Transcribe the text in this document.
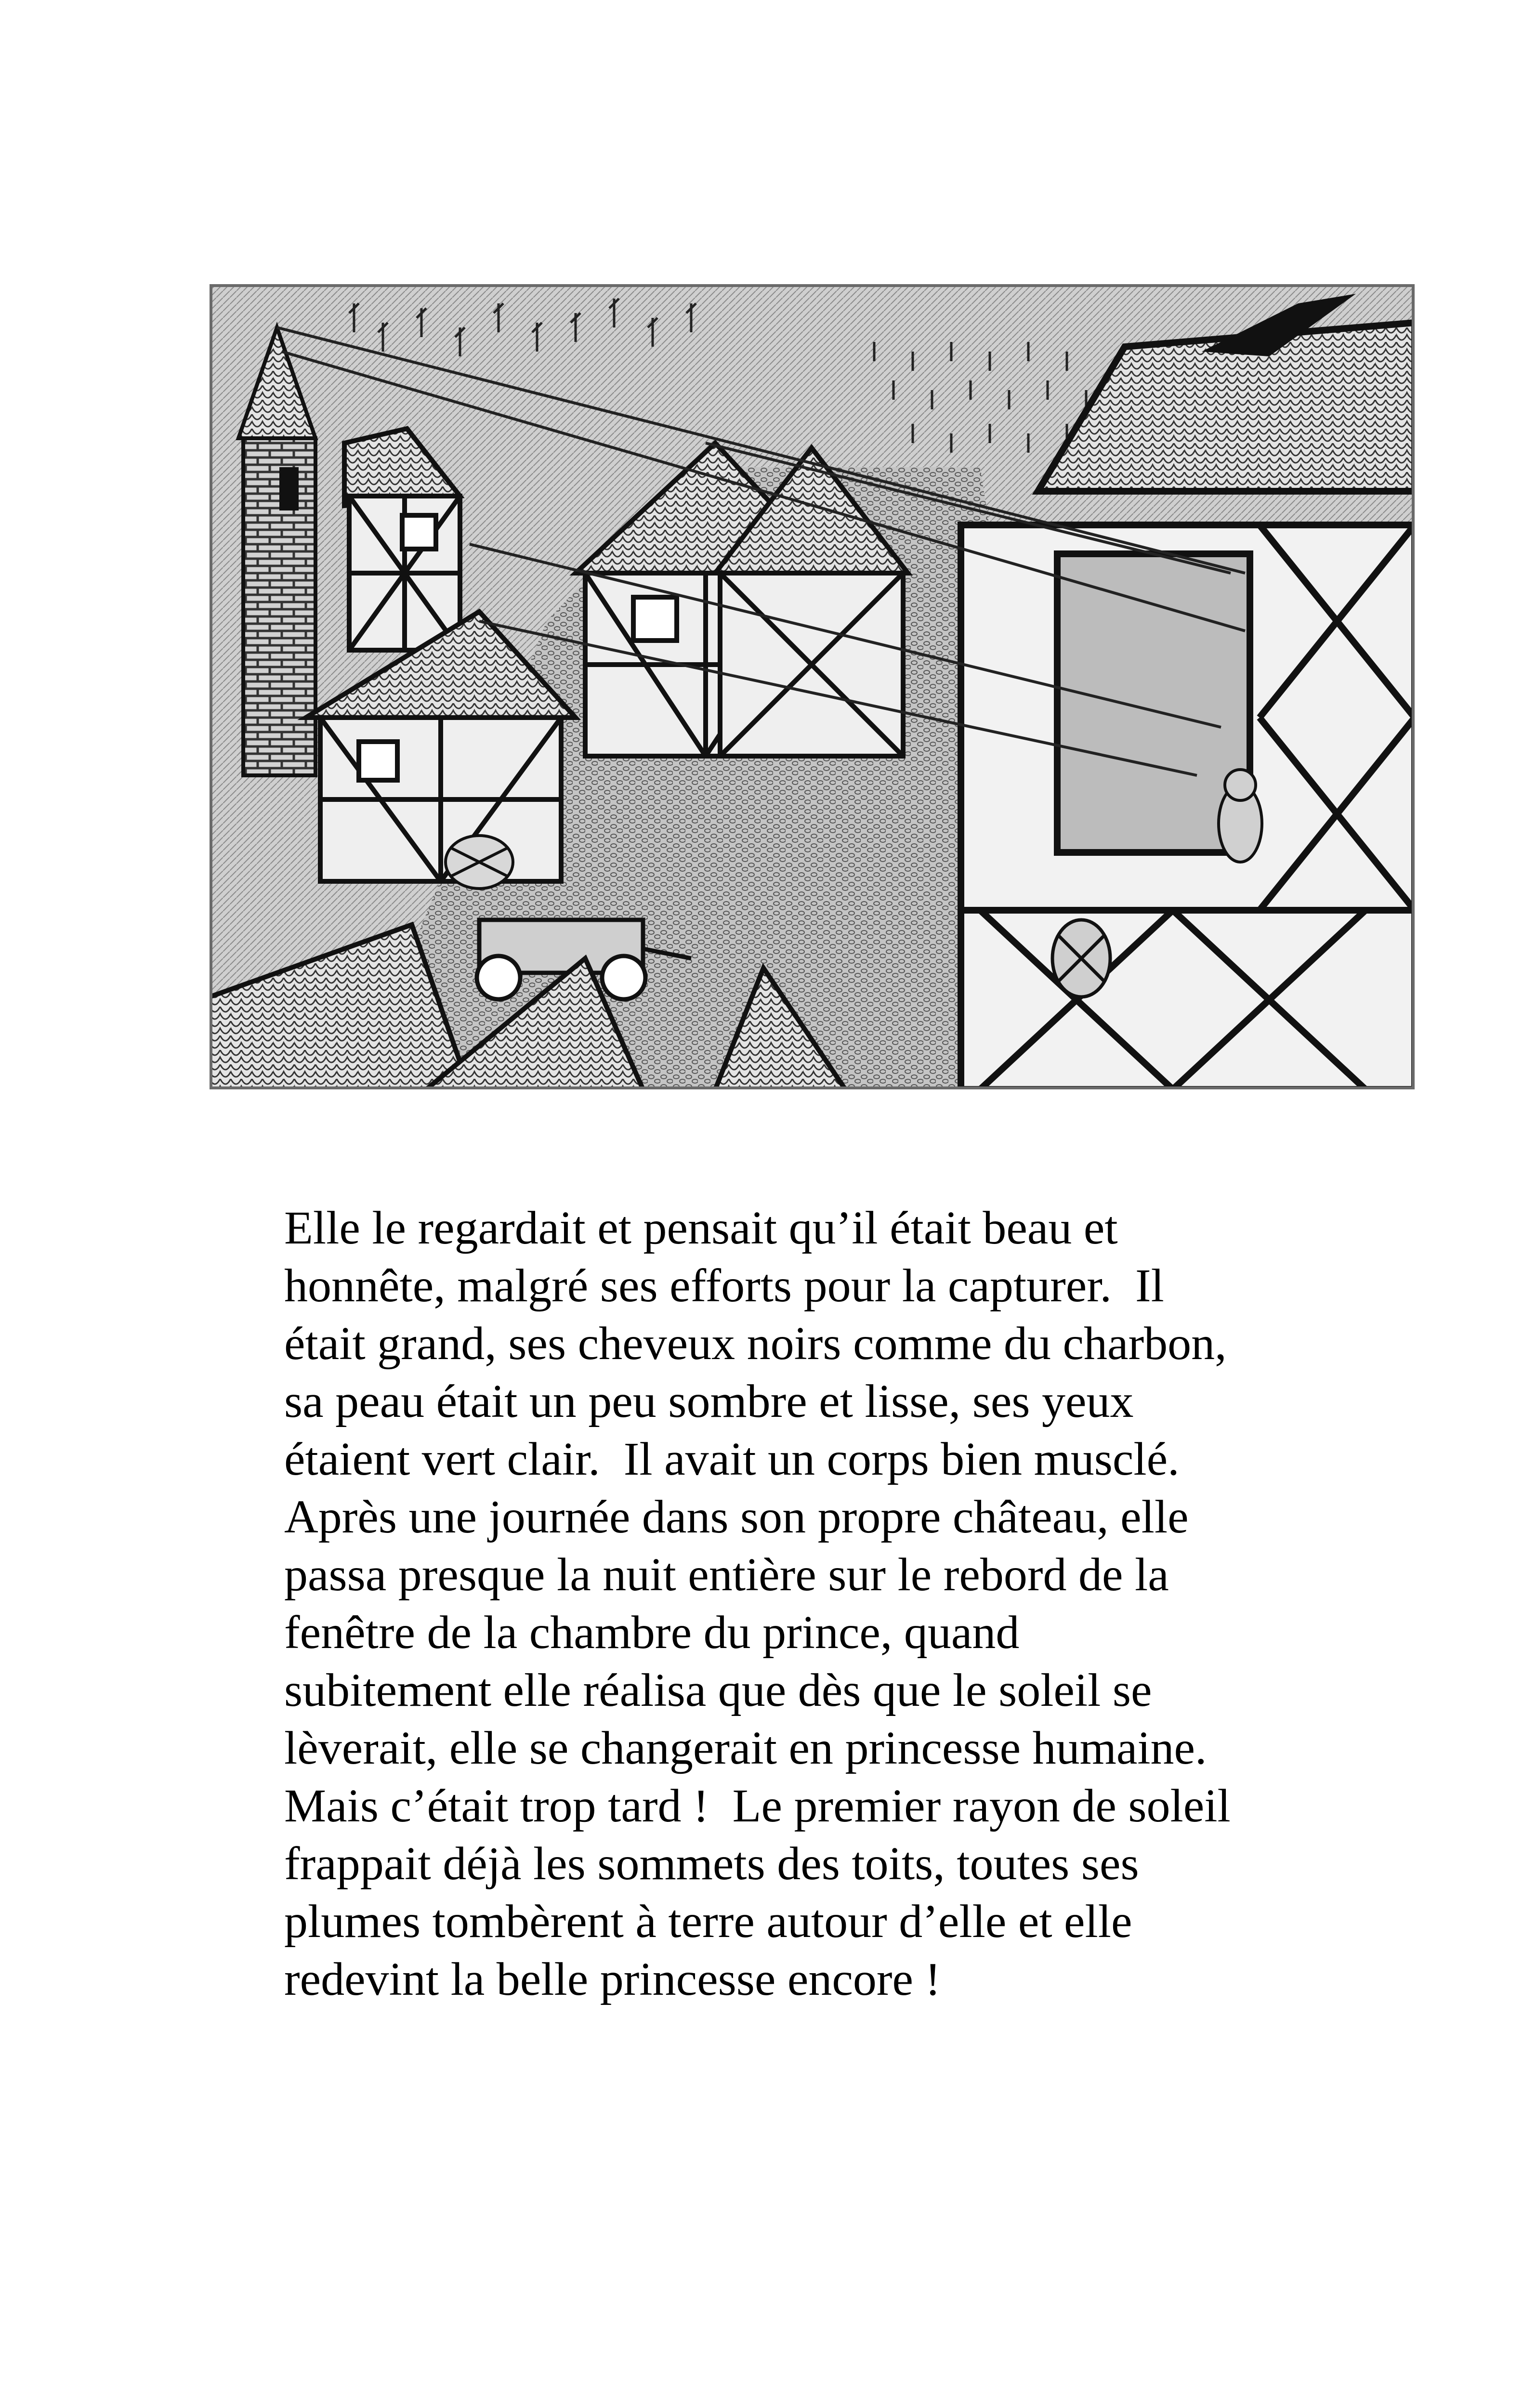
Elle le regardait et pensait qu’il était beau et
honnête, malgré ses efforts pour la capturer.  Il
était grand, ses cheveux noirs comme du charbon,
sa peau était un peu sombre et lisse, ses yeux
étaient vert clair.  Il avait un corps bien musclé.
Après une journée dans son propre château, elle
passa presque la nuit entière sur le rebord de la
fenêtre de la chambre du prince, quand
subitement elle réalisa que dès que le soleil se
lèverait, elle se changerait en princesse humaine.
Mais c’était trop tard !  Le premier rayon de soleil
frappait déjà les sommets des toits, toutes ses
plumes tombèrent à terre autour d’elle et elle
redevint la belle princesse encore !
